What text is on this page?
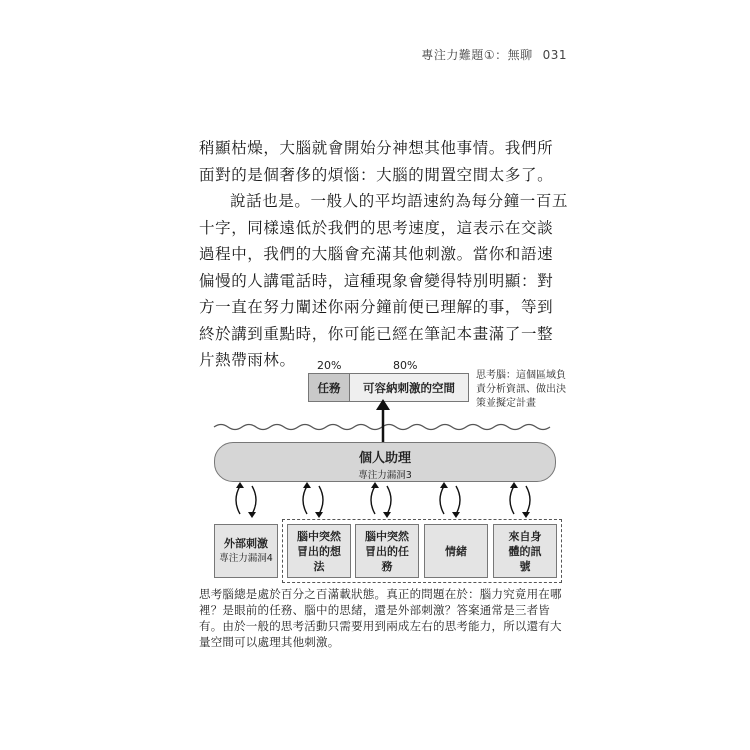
專注力難題①：無聊 031

稍顯枯燥，大腦就會開始分神想其他事情。我們所面對的是個奢侈的煩惱：大腦的閒置空間太多了。

說話也是。一般人的平均語速約為每分鐘一百五十字，同樣遠低於我們的思考速度，這表示在交談過程中，我們的大腦會充滿其他刺激。當你和語速偏慢的人講電話時，這種現象會變得特別明顯：對方一直在努力闡述你兩分鐘前便已理解的事，等到終於講到重點時，你可能已經在筆記本畫滿了一整片熱帶雨林。	20%	80%
任務	可容納刺激的空間
思考腦：這個區域負責分析資訊、做出決策並擬定計畫
個人助理
專注力漏洞3
外部刺激
專注力漏洞4
腦中突然冒出的想法
腦中突然冒出的任務
情緒
來自身體的訊號
思考腦總是處於百分之百滿載狀態。真正的問題在於：腦力究竟用在哪裡？是眼前的任務、腦中的思緒，還是外部刺激？答案通常是三者皆有。由於一般的思考活動只需要用到兩成左右的思考能力，所以還有大量空間可以處理其他刺激。
